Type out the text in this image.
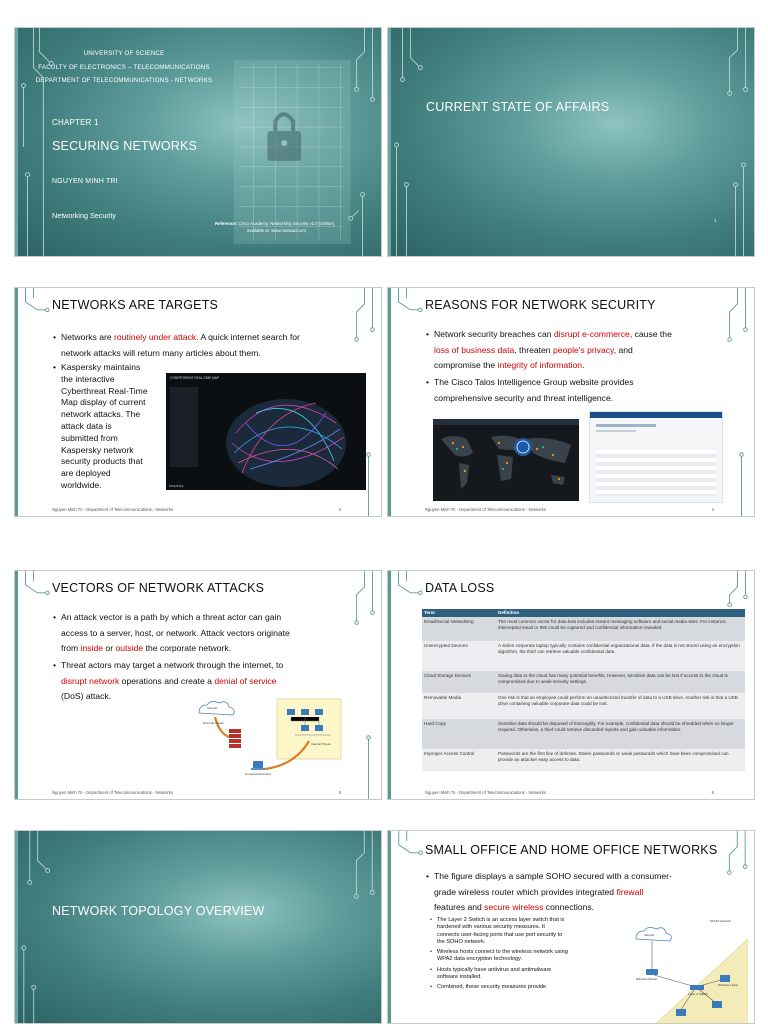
UNIVERSITY OF SCIENCE
FACULTY OF ELECTRONICS – TELECOMMUNICATIONS
DEPARTMENT OF TELECOMMUNICATIONS - NETWORKS
CHAPTER 1
SECURING NETWORKS
NGUYEN MINH TRI
Networking Security
Reference: Cisco Academy, Networking Security v1.0 (Online),
available at: www.netacad.com
CURRENT STATE OF AFFAIRS
1
NETWORKS ARE TARGETS
• Networks are routinely under attack. A quick internet search for
network attacks will return many articles about them.
• Kaspersky maintains
the interactive
Cyberthreat Real-Time
Map display of current
network attacks. The
attack data is
submitted from
Kaspersky network
security products that
are deployed
worldwide.
CYBERTHREAT REAL-TIME MAP
kaspersky
Nguyen Minh Tri - Department of Telecommunications - Networks	3
REASONS FOR NETWORK SECURITY
• Network security breaches can disrupt e-commerce, cause the
loss of business data, threaten people's privacy, and
compromise the integrity of information.
• The Cisco Talos Intelligence Group website provides
comprehensive security and threat intelligence.
Nguyen Minh Tri - Department of Telecommunications - Networks	4
VECTORS OF NETWORK ATTACKS
• An attack vector is a path by which a threat actor can gain
access to a server, host, or network. Attack vectors originate
from inside or outside the corporate network.
• Threat actors may target a network through the internet, to
disrupt network operations and create a denial of service
(DoS) attack.
Internet
External Threat
Internal Threat
Compromised Host
Nguyen Minh Tri - Department of Telecommunications - Networks	5
DATA LOSS
Term	Definition
Email/Social Networking	The most common vector for data loss includes instant messaging software and social media sites. For instance, intercepted email or IMs could be captured and confidential information revealed.
Unencrypted Devices	A stolen corporate laptop typically contains confidential organizational data. If the data is not stored using an encryption algorithm, the thief can retrieve valuable confidential data.
Cloud Storage Devices	Saving data to the cloud has many potential benefits. However, sensitive data can be lost if access to the cloud is compromised due to weak security settings.
Removable Media	One risk is that an employee could perform an unauthorized transfer of data to a USB drive. Another risk is that a USB drive containing valuable corporate data could be lost.
Hard Copy	Sensitive data should be disposed of thoroughly. For example, confidential data should be shredded when no longer required. Otherwise, a thief could retrieve discarded reports and gain valuable information.
Improper Access Control	Passwords are the first line of defense. Stolen passwords or weak passwords which have been compromised can provide an attacker easy access to data.
Nguyen Minh Tri - Department of Telecommunications - Networks	6
NETWORK TOPOLOGY OVERVIEW
SMALL OFFICE AND HOME OFFICE NETWORKS
• The figure displays a sample SOHO secured with a consumer-
grade wireless router which provides integrated firewall
features and secure wireless connections.
• The Layer 2 Switch is an access layer switch that is
hardened with various security measures. It
connects user-facing ports that use port security to
the SOHO network.
• Wireless hosts connect to the wireless network using
WPA2 data encryption technology.
• Hosts typically have antivirus and antimalware
software installed.
• Combined, these security measures provide
SOHO Network
Internet
Wireless Router
Layer 2 Switch
Wireless Hosts
